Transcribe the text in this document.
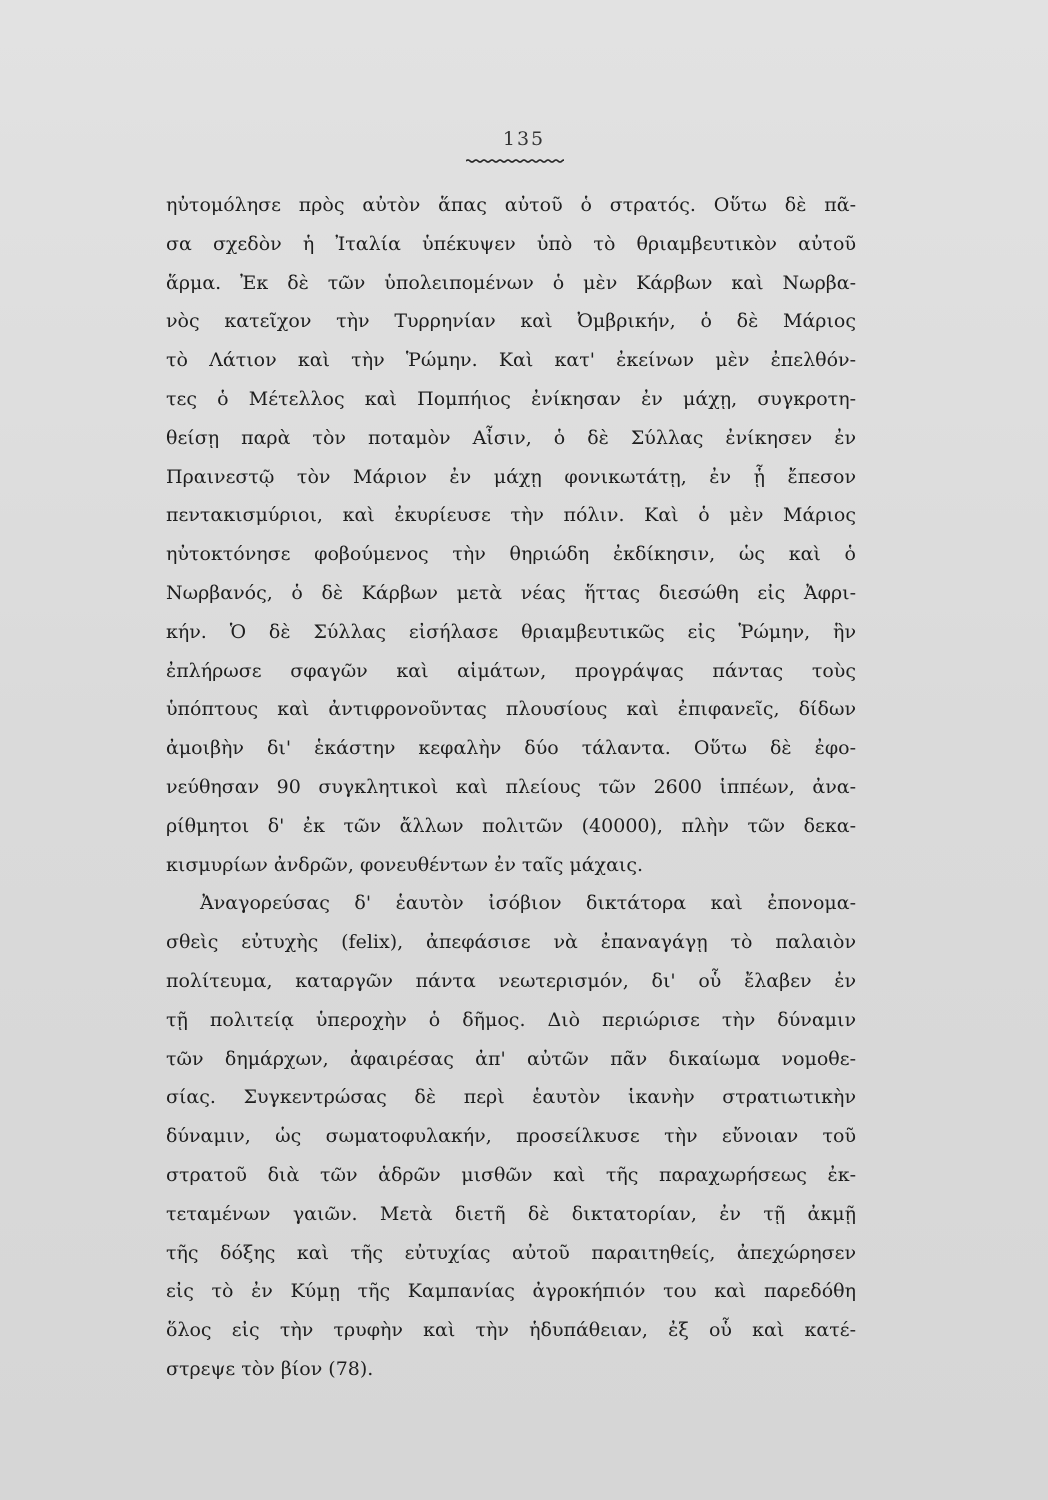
135
ηὐτομόλησε πρὸς αὐτὸν ἅπας αὐτοῦ ὁ στρατός. Οὕτω δὲ πᾶ-
σα σχεδὸν ἡ Ἰταλία ὑπέκυψεν ὑπὸ τὸ θριαμβευτικὸν αὐτοῦ
ἅρμα. Ἐκ δὲ τῶν ὑπολειπομένων ὁ μὲν Κάρβων καὶ Νωρβα-
νὸς κατεῖχον τὴν Τυρρηνίαν καὶ Ὀμβρικήν, ὁ δὲ Μάριος
τὸ Λάτιον καὶ τὴν Ῥώμην. Καὶ κατ' ἐκείνων μὲν ἐπελθόν-
τες ὁ Μέτελλος καὶ Πομπήιος ἐνίκησαν ἐν μάχῃ, συγκροτη-
θείσῃ παρὰ τὸν ποταμὸν Αἶσιν, ὁ δὲ Σύλλας ἐνίκησεν ἐν
Πραινεστῷ τὸν Μάριον ἐν μάχῃ φονικωτάτῃ, ἐν ᾗ ἔπεσον
πεντακισμύριοι, καὶ ἐκυρίευσε τὴν πόλιν. Καὶ ὁ μὲν Μάριος
ηὐτοκτόνησε φοβούμενος τὴν θηριώδη ἐκδίκησιν, ὡς καὶ ὁ
Νωρβανός, ὁ δὲ Κάρβων μετὰ νέας ἥττας διεσώθη εἰς Ἀφρι-
κήν. Ὁ δὲ Σύλλας εἰσήλασε θριαμβευτικῶς εἰς Ῥώμην, ἣν
ἐπλήρωσε σφαγῶν καὶ αἱμάτων, προγράψας πάντας τοὺς
ὑπόπτους καὶ ἀντιφρονοῦντας πλουσίους καὶ ἐπιφανεῖς, δίδων
ἀμοιβὴν δι' ἑκάστην κεφαλὴν δύο τάλαντα. Οὕτω δὲ ἐφο-
νεύθησαν 90 συγκλητικοὶ καὶ πλείους τῶν 2600 ἱππέων, ἀνα-
ρίθμητοι δ' ἐκ τῶν ἄλλων πολιτῶν (40000), πλὴν τῶν δεκα-
κισμυρίων ἀνδρῶν, φονευθέντων ἐν ταῖς μάχαις.
Ἀναγορεύσας δ' ἑαυτὸν ἰσόβιον δικτάτορα καὶ ἐπονομα-
σθεὶς εὐτυχὴς (felix), ἀπεφάσισε νὰ ἐπαναγάγῃ τὸ παλαιὸν
πολίτευμα, καταργῶν πάντα νεωτερισμόν, δι' οὗ ἔλαβεν ἐν
τῇ πολιτείᾳ ὑπεροχὴν ὁ δῆμος. Διὸ περιώρισε τὴν δύναμιν
τῶν δημάρχων, ἀφαιρέσας ἀπ' αὐτῶν πᾶν δικαίωμα νομοθε-
σίας. Συγκεντρώσας δὲ περὶ ἑαυτὸν ἱκανὴν στρατιωτικὴν
δύναμιν, ὡς σωματοφυλακήν, προσείλκυσε τὴν εὔνοιαν τοῦ
στρατοῦ διὰ τῶν ἁδρῶν μισθῶν καὶ τῆς παραχωρήσεως ἐκ-
τεταμένων γαιῶν. Μετὰ διετῆ δὲ δικτατορίαν, ἐν τῇ ἀκμῇ
τῆς δόξης καὶ τῆς εὐτυχίας αὐτοῦ παραιτηθείς, ἀπεχώρησεν
εἰς τὸ ἐν Κύμῃ τῆς Καμπανίας ἀγροκήπιόν του καὶ παρεδόθη
ὅλος εἰς τὴν τρυφὴν καὶ τὴν ἡδυπάθειαν, ἐξ οὗ καὶ κατέ-
στρεψε τὸν βίον (78).
